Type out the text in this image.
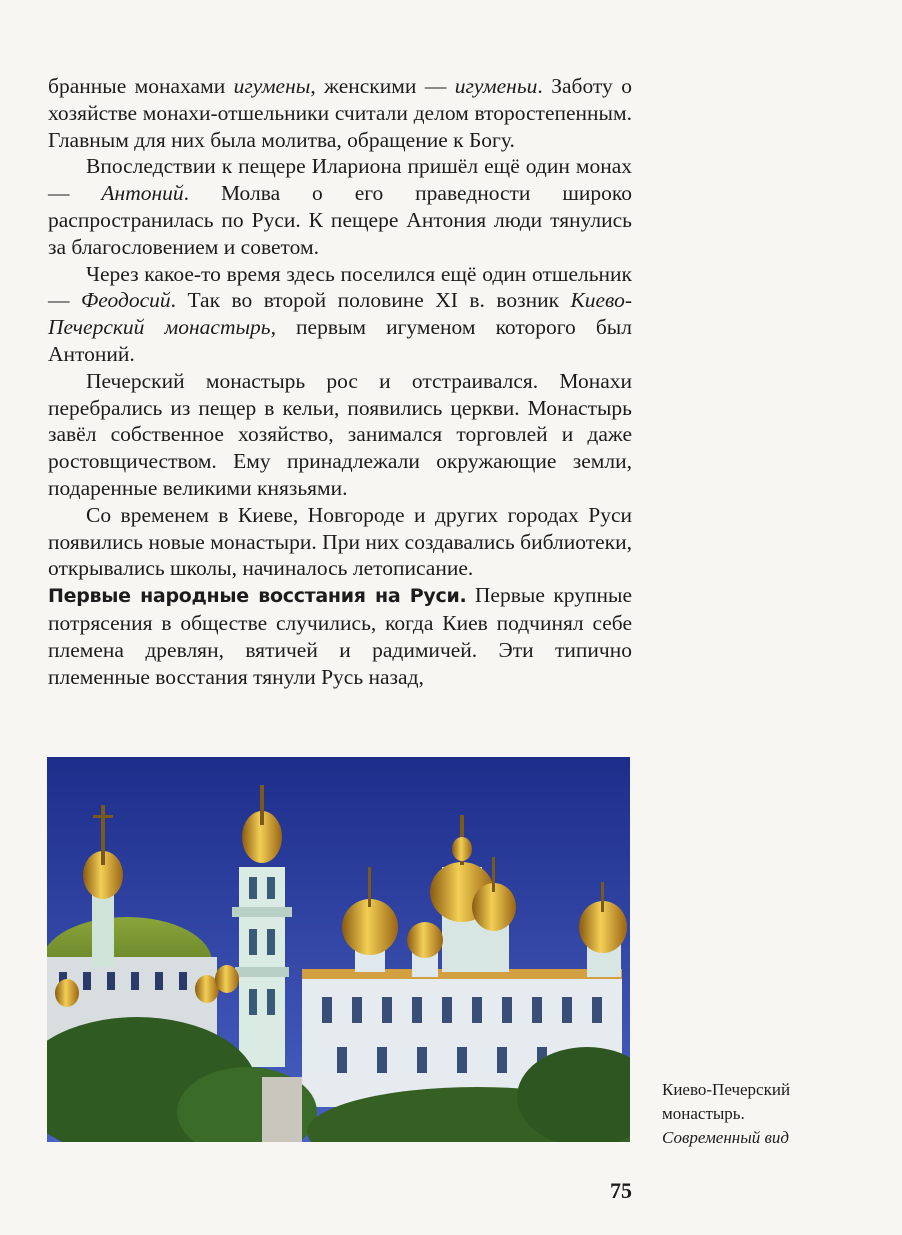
бранные монахами игумены, женскими — игуменьи. Заботу о хозяйстве монахи-отшельники считали делом второстепенным. Главным для них была молитва, обращение к Богу.

Впоследствии к пещере Илариона пришёл ещё один монах — Антоний. Молва о его праведности широко распространилась по Руси. К пещере Антония люди тянулись за благословением и советом.

Через какое-то время здесь поселился ещё один отшельник — Феодосий. Так во второй половине XI в. возник Киево-Печерский монастырь, первым игуменом которого был Антоний.

Печерский монастырь рос и отстраивался. Монахи перебрались из пещер в кельи, появились церкви. Монастырь завёл собственное хозяйство, занимался торговлей и даже ростовщичеством. Ему принадлежали окружающие земли, подаренные великими князьями.

Со временем в Киеве, Новгороде и других городах Руси появились новые монастыри. При них создавались библиотеки, открывались школы, начиналось летописание.

Первые народные восстания на Руси. Первые крупные потрясения в обществе случились, когда Киев подчинял себе племена древлян, вятичей и радимичей. Эти типично племенные восстания тянули Русь назад,

Киево-Печерский
монастырь.
Современный вид
75
